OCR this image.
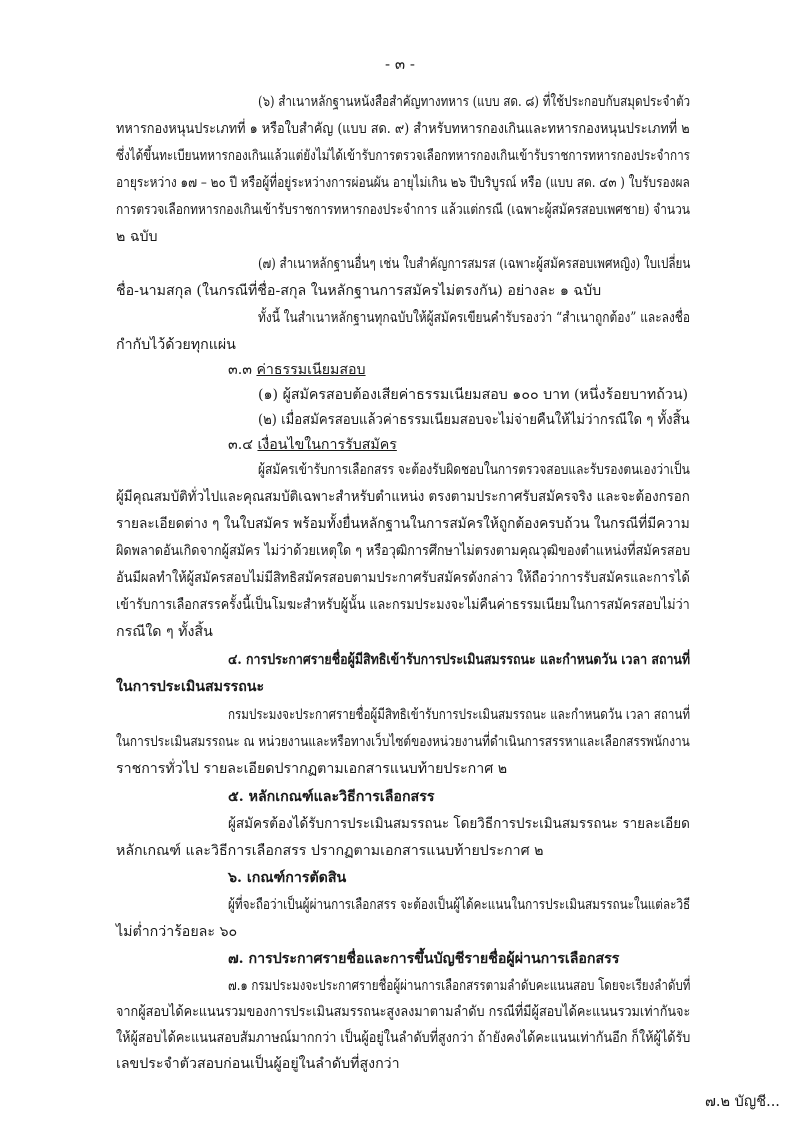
- ๓ -
(๖) สำเนาหลักฐานหนังสือสำคัญทางทหาร (แบบ สด. ๘) ที่ใช้ประกอบกับสมุดประจำตัว
ทหารกองหนุนประเภทที่ ๑ หรือใบสำคัญ (แบบ สด. ๙) สำหรับทหารกองเกินและทหารกองหนุนประเภทที่ ๒
ซึ่งได้ขึ้นทะเบียนทหารกองเกินแล้วแต่ยังไม่ได้เข้ารับการตรวจเลือกทหารกองเกินเข้ารับราชการทหารกองประจำการ
อายุระหว่าง ๑๗ – ๒๐ ปี หรือผู้ที่อยู่ระหว่างการผ่อนผัน อายุไม่เกิน ๒๖ ปีบริบูรณ์ หรือ (แบบ สด. ๔๓ ) ใบรับรองผล
การตรวจเลือกทหารกองเกินเข้ารับราชการทหารกองประจำการ แล้วแต่กรณี (เฉพาะผู้สมัครสอบเพศชาย) จำนวน
๒ ฉบับ
(๗) สำเนาหลักฐานอื่นๆ เช่น ใบสำคัญการสมรส (เฉพาะผู้สมัครสอบเพศหญิง) ใบเปลี่ยน
ชื่อ-นามสกุล (ในกรณีที่ชื่อ-สกุล ในหลักฐานการสมัครไม่ตรงกัน) อย่างละ ๑ ฉบับ
ทั้งนี้ ในสำเนาหลักฐานทุกฉบับให้ผู้สมัครเขียนคำรับรองว่า “สำเนาถูกต้อง” และลงชื่อ
กำกับไว้ด้วยทุกแผ่น
๓.๓ ค่าธรรมเนียมสอบ
(๑) ผู้สมัครสอบต้องเสียค่าธรรมเนียมสอบ ๑๐๐ บาท (หนึ่งร้อยบาทถ้วน)
(๒) เมื่อสมัครสอบแล้วค่าธรรมเนียมสอบจะไม่จ่ายคืนให้ไม่ว่ากรณีใด ๆ ทั้งสิ้น
๓.๔ เงื่อนไขในการรับสมัคร
ผู้สมัครเข้ารับการเลือกสรร จะต้องรับผิดชอบในการตรวจสอบและรับรองตนเองว่าเป็น
ผู้มีคุณสมบัติทั่วไปและคุณสมบัติเฉพาะสำหรับตำแหน่ง ตรงตามประกาศรับสมัครจริง และจะต้องกรอก
รายละเอียดต่าง ๆ ในใบสมัคร พร้อมทั้งยื่นหลักฐานในการสมัครให้ถูกต้องครบถ้วน ในกรณีที่มีความ
ผิดพลาดอันเกิดจากผู้สมัคร ไม่ว่าด้วยเหตุใด ๆ หรือวุฒิการศึกษาไม่ตรงตามคุณวุฒิของตำแหน่งที่สมัครสอบ
อันมีผลทำให้ผู้สมัครสอบไม่มีสิทธิสมัครสอบตามประกาศรับสมัครดังกล่าว ให้ถือว่าการรับสมัครและการได้
เข้ารับการเลือกสรรครั้งนี้เป็นโมฆะสำหรับผู้นั้น และกรมประมงจะไม่คืนค่าธรรมเนียมในการสมัครสอบไม่ว่า
กรณีใด ๆ ทั้งสิ้น
๔. การประกาศรายชื่อผู้มีสิทธิเข้ารับการประเมินสมรรถนะ และกำหนดวัน เวลา สถานที่
ในการประเมินสมรรถนะ
กรมประมงจะประกาศรายชื่อผู้มีสิทธิเข้ารับการประเมินสมรรถนะ และกำหนดวัน เวลา สถานที่
ในการประเมินสมรรถนะ ณ หน่วยงานและหรือทางเว็บไซต์ของหน่วยงานที่ดำเนินการสรรหาและเลือกสรรพนักงาน
ราชการทั่วไป รายละเอียดปรากฏตามเอกสารแนบท้ายประกาศ ๒
๕. หลักเกณฑ์และวิธีการเลือกสรร
ผู้สมัครต้องได้รับการประเมินสมรรถนะ โดยวิธีการประเมินสมรรถนะ รายละเอียด
หลักเกณฑ์ และวิธีการเลือกสรร ปรากฏตามเอกสารแนบท้ายประกาศ ๒
๖. เกณฑ์การตัดสิน
ผู้ที่จะถือว่าเป็นผู้ผ่านการเลือกสรร จะต้องเป็นผู้ได้คะแนนในการประเมินสมรรถนะในแต่ละวิธี
ไม่ต่ำกว่าร้อยละ ๖๐
๗. การประกาศรายชื่อและการขึ้นบัญชีรายชื่อผู้ผ่านการเลือกสรร
๗.๑ กรมประมงจะประกาศรายชื่อผู้ผ่านการเลือกสรรตามลำดับคะแนนสอบ โดยจะเรียงลำดับที่
จากผู้สอบได้คะแนนรวมของการประเมินสมรรถนะสูงลงมาตามลำดับ กรณีที่มีผู้สอบได้คะแนนรวมเท่ากันจะ
ให้ผู้สอบได้คะแนนสอบสัมภาษณ์มากกว่า เป็นผู้อยู่ในลำดับที่สูงกว่า ถ้ายังคงได้คะแนนเท่ากันอีก ก็ให้ผู้ได้รับ
เลขประจำตัวสอบก่อนเป็นผู้อยู่ในลำดับที่สูงกว่า
๗.๒ บัญชี...
